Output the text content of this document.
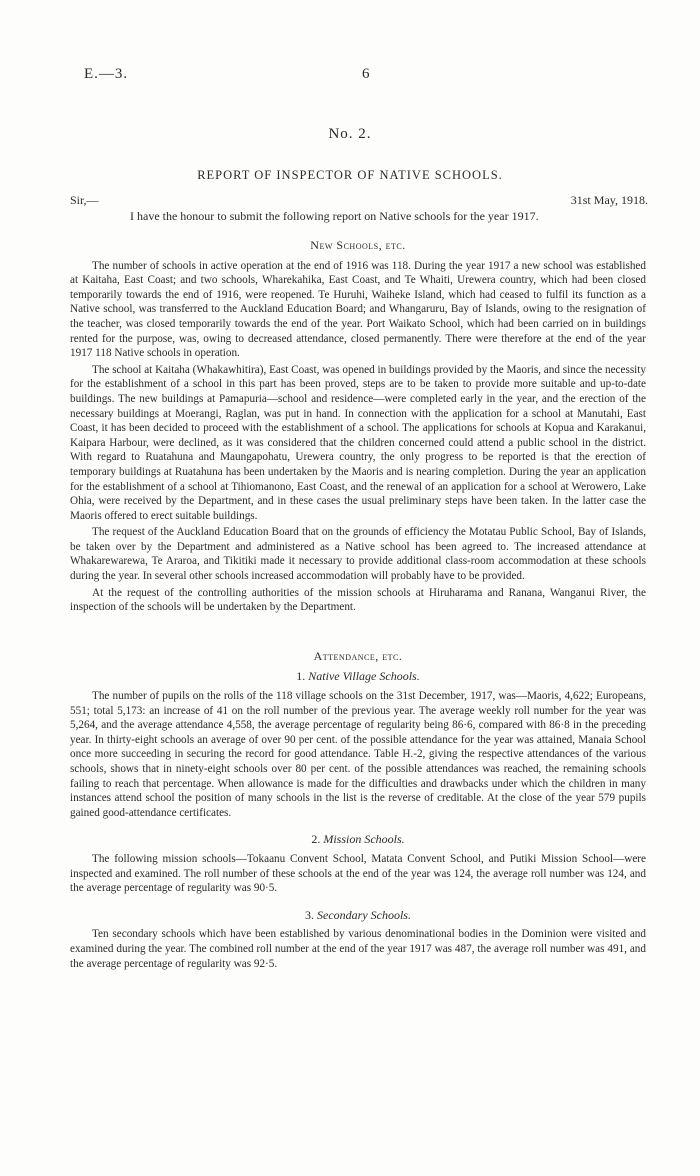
E.—3.	6
No. 2.
REPORT OF INSPECTOR OF NATIVE SCHOOLS.
Sir,—	31st May, 1918.
I have the honour to submit the following report on Native schools for the year 1917.
New Schools, etc.

The number of schools in active operation at the end of 1916 was 118. During the year 1917 a new school was established at Kaitaha, East Coast; and two schools, Wharekahika, East Coast, and Te Whaiti, Urewera country, which had been closed temporarily towards the end of 1916, were reopened. Te Huruhi, Waiheke Island, which had ceased to fulfil its function as a Native school, was transferred to the Auckland Education Board; and Whangaruru, Bay of Islands, owing to the resignation of the teacher, was closed temporarily towards the end of the year. Port Waikato School, which had been carried on in buildings rented for the purpose, was, owing to decreased attendance, closed permanently. There were therefore at the end of the year 1917 118 Native schools in operation.

The school at Kaitaha (Whakawhitira), East Coast, was opened in buildings provided by the Maoris, and since the necessity for the establishment of a school in this part has been proved, steps are to be taken to provide more suitable and up-to-date buildings. The new buildings at Pamapuria—school and residence—were completed early in the year, and the erection of the necessary buildings at Moerangi, Raglan, was put in hand. In connection with the application for a school at Manutahi, East Coast, it has been decided to proceed with the establishment of a school. The applications for schools at Kopua and Karakanui, Kaipara Harbour, were declined, as it was considered that the children concerned could attend a public school in the district. With regard to Ruatahuna and Maungapohatu, Urewera country, the only progress to be reported is that the erection of temporary buildings at Ruatahuna has been undertaken by the Maoris and is nearing completion. During the year an application for the establishment of a school at Tihiomanono, East Coast, and the renewal of an application for a school at Werowero, Lake Ohia, were received by the Department, and in these cases the usual preliminary steps have been taken. In the latter case the Maoris offered to erect suitable buildings.

The request of the Auckland Education Board that on the grounds of efficiency the Motatau Public School, Bay of Islands, be taken over by the Department and administered as a Native school has been agreed to. The increased attendance at Whakarewarewa, Te Araroa, and Tikitiki made it necessary to provide additional class-room accommodation at these schools during the year. In several other schools increased accommodation will probably have to be provided.

At the request of the controlling authorities of the mission schools at Hiruharama and Ranana, Wanganui River, the inspection of the schools will be undertaken by the Department.

Attendance, etc.
1. Native Village Schools.

The number of pupils on the rolls of the 118 village schools on the 31st December, 1917, was—Maoris, 4,622; Europeans, 551; total 5,173: an increase of 41 on the roll number of the previous year. The average weekly roll number for the year was 5,264, and the average attendance 4,558, the average percentage of regularity being 86·6, compared with 86·8 in the preceding year. In thirty-eight schools an average of over 90 per cent. of the possible attendance for the year was attained, Manaia School once more succeeding in securing the record for good attendance. Table H.-2, giving the respective attendances of the various schools, shows that in ninety-eight schools over 80 per cent. of the possible attendances was reached, the remaining schools failing to reach that percentage. When allowance is made for the difficulties and drawbacks under which the children in many instances attend school the position of many schools in the list is the reverse of creditable. At the close of the year 579 pupils gained good-attendance certificates.

2. Mission Schools.

The following mission schools—Tokaanu Convent School, Matata Convent School, and Putiki Mission School—were inspected and examined. The roll number of these schools at the end of the year was 124, the average roll number was 124, and the average percentage of regularity was 90·5.

3. Secondary Schools.

Ten secondary schools which have been established by various denominational bodies in the Dominion were visited and examined during the year. The combined roll number at the end of the year 1917 was 487, the average roll number was 491, and the average percentage of regularity was 92·5.
